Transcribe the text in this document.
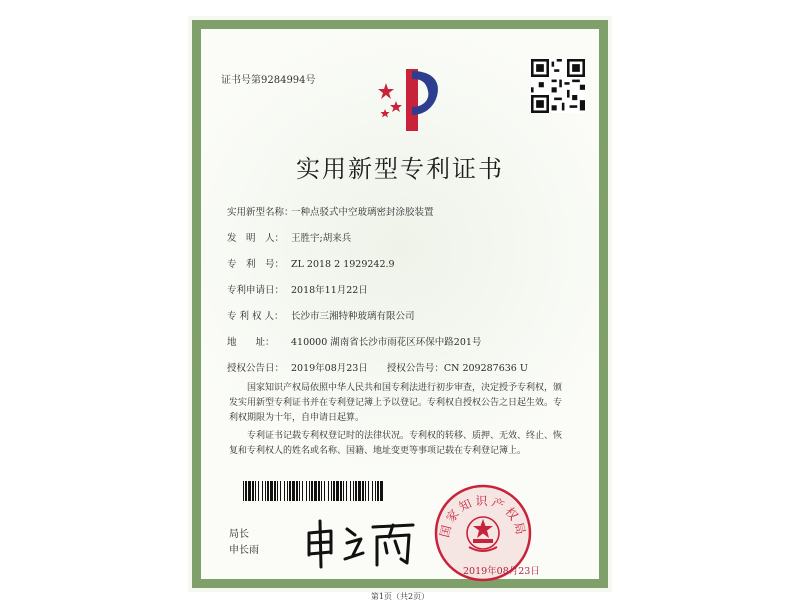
证书号第9284994号
实用新型专利证书
实用新型名称：一种点驳式中空玻璃密封涂胶装置
发　明　人： 王胜宇;胡来兵
专　利　号： ZL 2018 2 1929242.9
专利申请日： 2018年11月22日
专 利 权 人： 长沙市三湘特种玻璃有限公司
地　　址： 410000 湖南省长沙市雨花区环保中路201号
授权公告日： 2019年08月23日　　授权公告号：CN 209287636 U
　　国家知识产权局依照中华人民共和国专利法进行初步审查，决定授予专利权，颁发实用新型专利证书并在专利登记簿上予以登记。专利权自授权公告之日起生效。专利权期限为十年，自申请日起算。
　　专利证书记载专利权登记时的法律状况。专利权的转移、质押、无效、终止、恢复和专利权人的姓名或名称、国籍、地址变更等事项记载在专利登记簿上。
局长
申长雨
国家知识产权局
2019年08月23日
第1页（共2页）
